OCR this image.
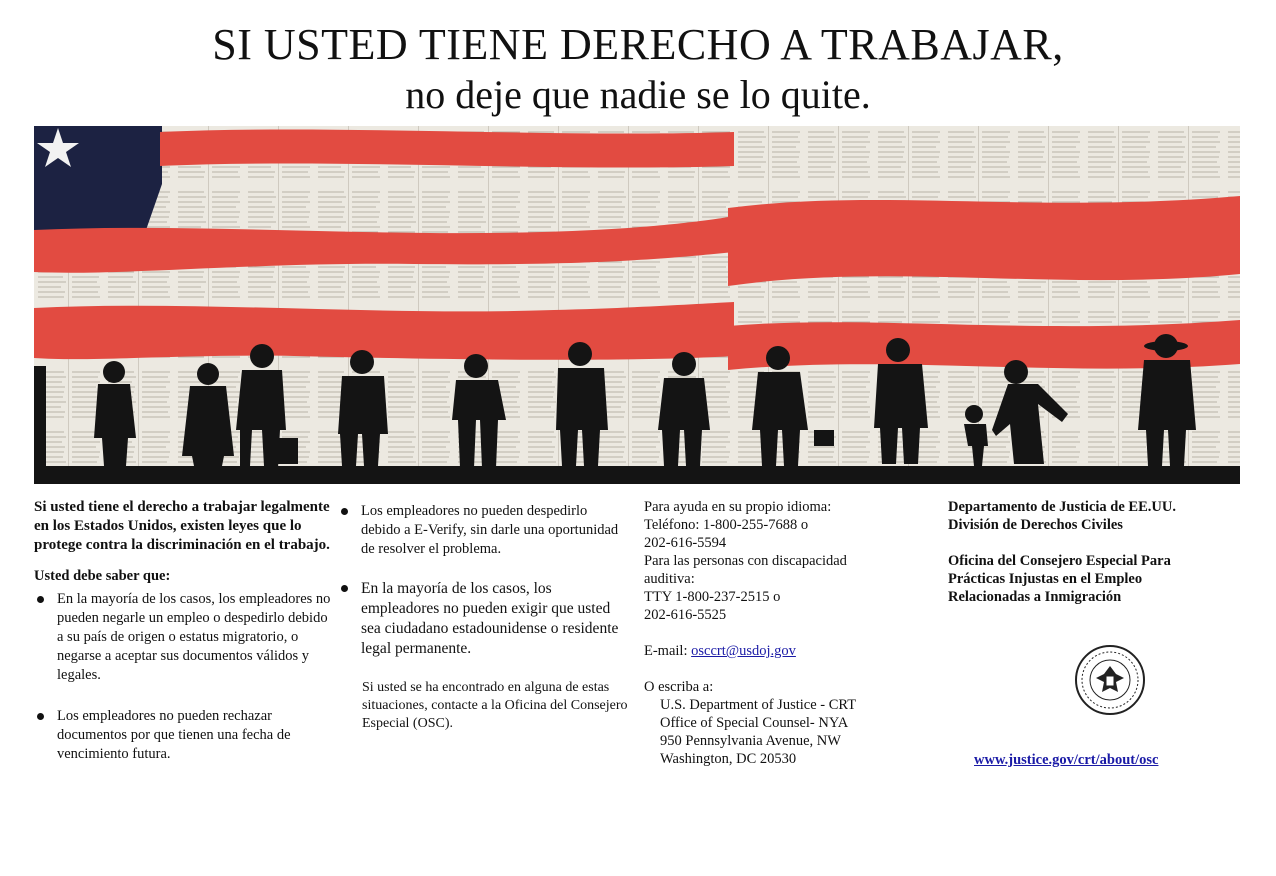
SI USTED TIENE DERECHO A TRABAJAR,
no deje que nadie se lo quite.

Si usted tiene el derecho a trabajar legalmente en los Estados Unidos, existen leyes que lo protege contra la discriminación en el trabajo.

Usted debe saber que:

En la mayoría de los casos, los empleadores no pueden negarle un empleo o despedirlo debido a su país de origen o estatus migratorio, o negarse a aceptar sus documentos válidos y legales.
Los empleadores no pueden rechazar documentos por que tienen una fecha de vencimiento futura.
Los empleadores no pueden despedirlo debido a E-Verify, sin darle una oportunidad de resolver el problema.
En la mayoría de los casos, los empleadores no pueden exigir que usted sea ciudadano estadounidense o residente legal permanente.

Si usted se ha encontrado en alguna de estas situaciones, contacte a la Oficina del Consejero Especial (OSC).

Para ayuda en su propio idioma:

Teléfono: 1-800-255-7688 o

202-616-5594

Para las personas con discapacidad

auditiva:

TTY 1-800-237-2515 o

202-616-5525

E-mail: osccrt@usdoj.gov

O escriba a:

U.S. Department of Justice - CRT

Office of Special Counsel- NYA

950 Pennsylvania Avenue, NW

Washington, DC 20530

Departamento de Justicia de EE.UU.

División de Derechos Civiles

Oficina del Consejero Especial Para

Prácticas Injustas en el Empleo

Relacionadas a Inmigración

www.justice.gov/crt/about/osc
